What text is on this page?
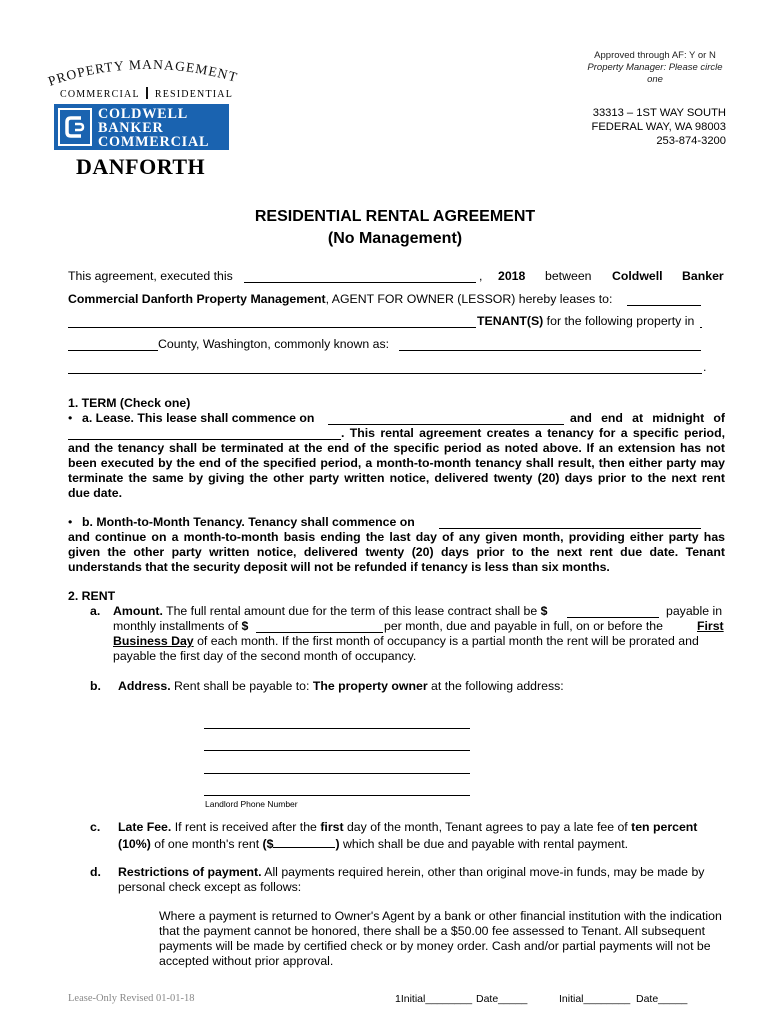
Approved through AF: Y or N
Property Manager: Please circle one
33313 – 1ST WAY SOUTH
FEDERAL WAY, WA 98003
253-874-3200
PROPERTY MANAGEMENT
COMMERCIAL RESIDENTIAL
COLDWELL
BANKER
COMMERCIAL
DANFORTH
RESIDENTIAL RENTAL AGREEMENT
(No Management)
This agreement, executed this	, 2018 between Coldwell Banker
Commercial Danforth Property Management, AGENT FOR OWNER (LESSOR) hereby leases to:
TENANT(S) for the following property in
County, Washington, commonly known as:
.
1. TERM (Check one)
• a. Lease. This lease shall commence on	and end at midnight of
. This rental agreement creates a tenancy for a specific period,
and the tenancy shall be terminated at the end of the specific period as noted above. If an extension has not
been executed by the end of the specified period, a month-to-month tenancy shall result, then either party may
terminate the same by giving the other party written notice, delivered twenty (20) days prior to the next rent
due date.
• b. Month-to-Month Tenancy. Tenancy shall commence on
and continue on a month-to-month basis ending the last day of any given month, providing either party has
given the other party written notice, delivered twenty (20) days prior to the next rent due date. Tenant
understands that the security deposit will not be refunded if tenancy is less than six months.
2. RENT
a. Amount. The full rental amount due for the term of this lease contract shall be $	payable in
monthly installments of $	per month, due and payable in full, on or before the	First
Business Day of each month. If the first month of occupancy is a partial month the rent will be prorated and
payable the first day of the second month of occupancy.
b. Address. Rent shall be payable to: The property owner at the following address:
Landlord Phone Number
c. Late Fee. If rent is received after the first day of the month, Tenant agrees to pay a late fee of ten percent
(10%) of one month's rent ($	) which shall be due and payable with rental payment.
d. Restrictions of payment. All payments required herein, other than original move-in funds, may be made by
personal check except as follows:
Where a payment is returned to Owner's Agent by a bank or other financial institution with the indication
that the payment cannot be honored, there shall be a $50.00 fee assessed to Tenant. All subsequent
payments will be made by certified check or by money order. Cash and/or partial payments will not be
accepted without prior approval.
Lease-Only Revised 01-01-18	1Initial________ Date_____	Initial________ Date_____
